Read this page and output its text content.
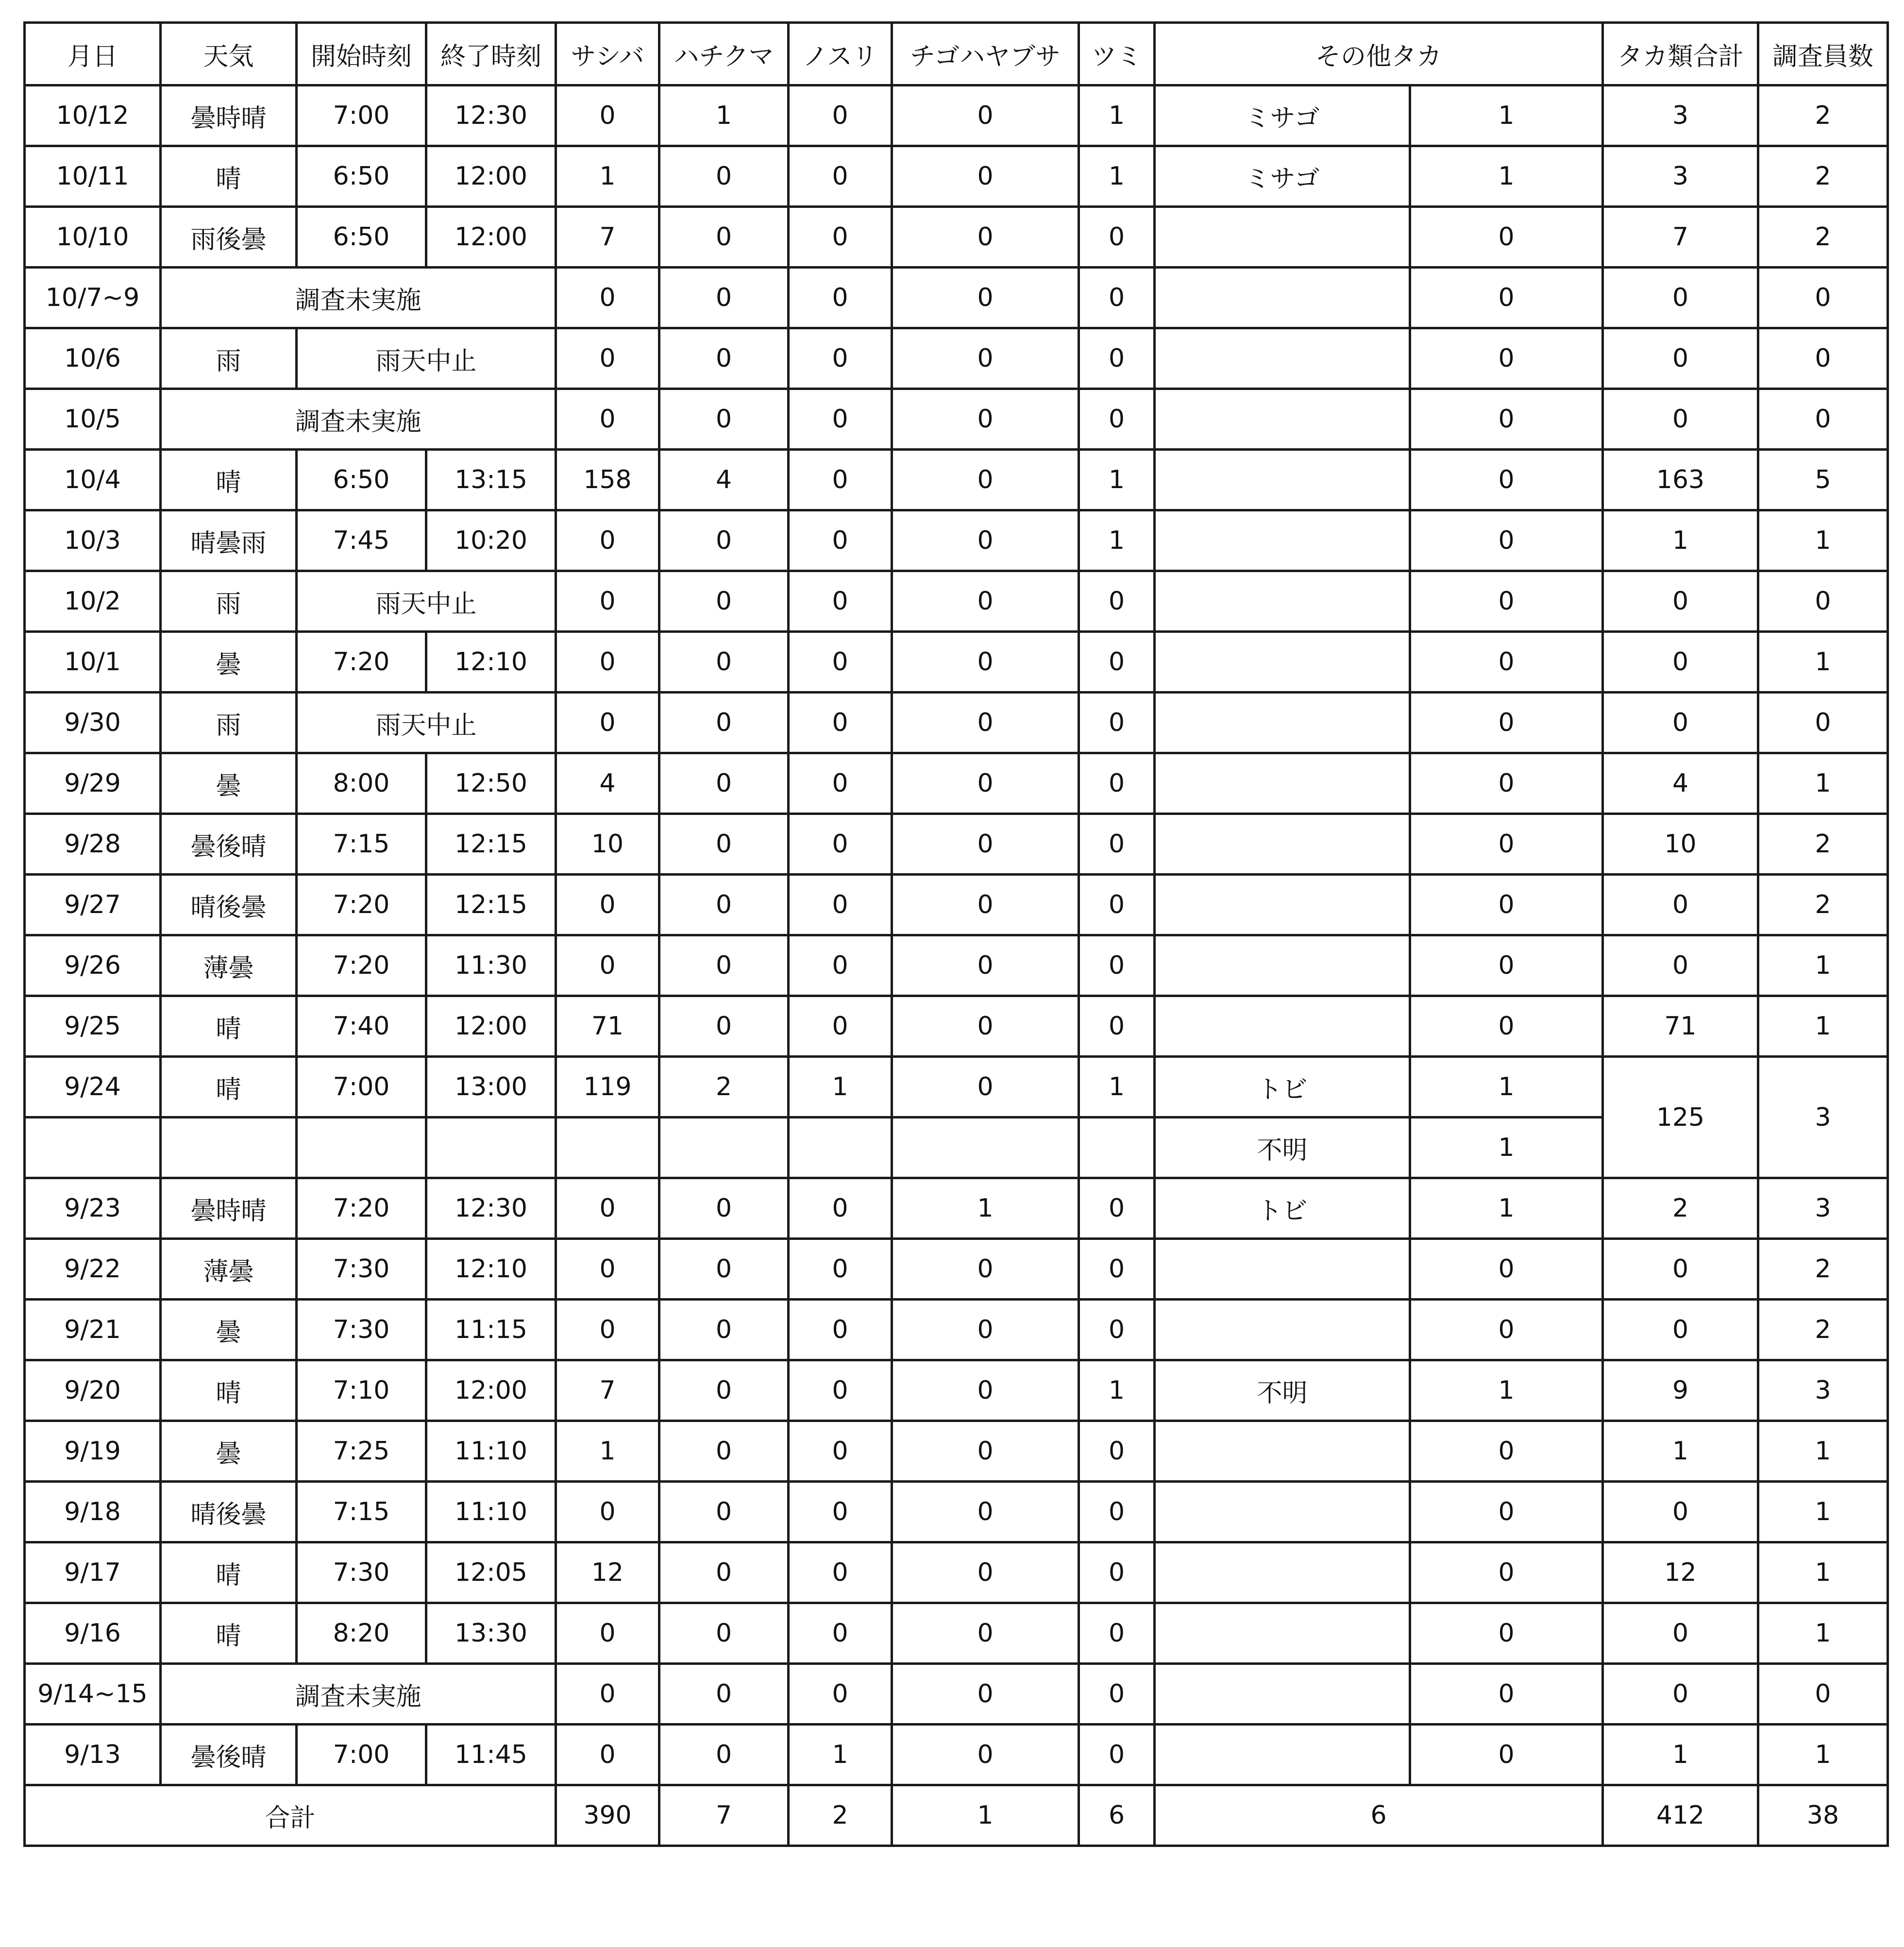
月日	天気	開始時刻	終了時刻	サシバ	ハチクマ	ノスリ	チゴハヤブサ	ツミ	その他タカ		タカ類合計	調査員数
10/12	曇時晴	7:00	12:30	0	1	0	0	1	ミサゴ	1	3	2
10/11	晴	6:50	12:00	1	0	0	0	1	ミサゴ	1	3	2
10/10	雨後曇	6:50	12:00	7	0	0	0	0		0	7	2
10/7~9	調査未実施			0	0	0	0	0		0	0	0
10/6	雨	雨天中止		0	0	0	0	0		0	0	0
10/5	調査未実施			0	0	0	0	0		0	0	0
10/4	晴	6:50	13:15	158	4	0	0	1		0	163	5
10/3	晴曇雨	7:45	10:20	0	0	0	0	1		0	1	1
10/2	雨	雨天中止		0	0	0	0	0		0	0	0
10/1	曇	7:20	12:10	0	0	0	0	0		0	0	1
9/30	雨	雨天中止		0	0	0	0	0		0	0	0
9/29	曇	8:00	12:50	4	0	0	0	0		0	4	1
9/28	曇後晴	7:15	12:15	10	0	0	0	0		0	10	2
9/27	晴後曇	7:20	12:15	0	0	0	0	0		0	0	2
9/26	薄曇	7:20	11:30	0	0	0	0	0		0	0	1
9/25	晴	7:40	12:00	71	0	0	0	0		0	71	1
9/24	晴	7:00	13:00	119	2	1	0	1	トビ	1	125	3
									不明	1		
9/23	曇時晴	7:20	12:30	0	0	0	1	0	トビ	1	2	3
9/22	薄曇	7:30	12:10	0	0	0	0	0		0	0	2
9/21	曇	7:30	11:15	0	0	0	0	0		0	0	2
9/20	晴	7:10	12:00	7	0	0	0	1	不明	1	9	3
9/19	曇	7:25	11:10	1	0	0	0	0		0	1	1
9/18	晴後曇	7:15	11:10	0	0	0	0	0		0	0	1
9/17	晴	7:30	12:05	12	0	0	0	0		0	12	1
9/16	晴	8:20	13:30	0	0	0	0	0		0	0	1
9/14~15	調査未実施			0	0	0	0	0		0	0	0
9/13	曇後晴	7:00	11:45	0	0	1	0	0		0	1	1
合計				390	7	2	1	6	6		412	38
